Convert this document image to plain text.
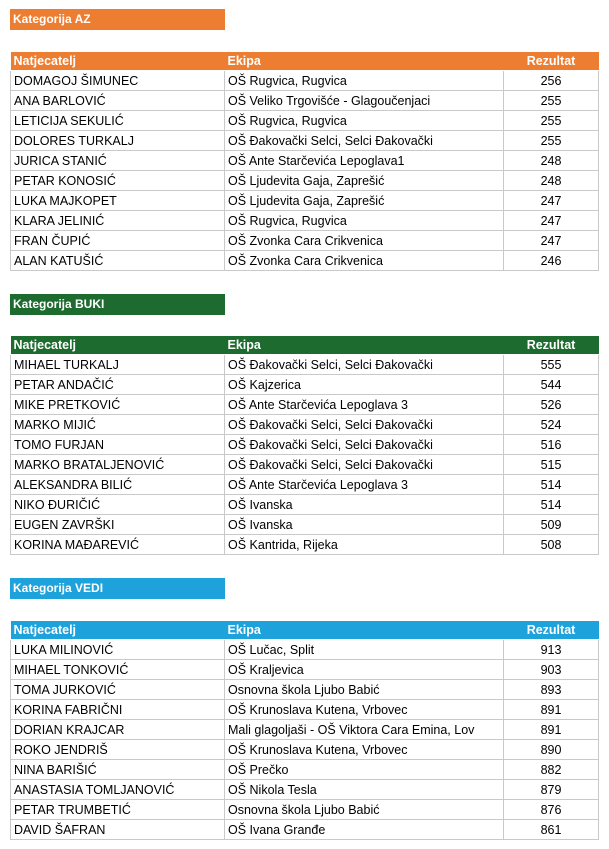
Kategorija AZ
Natjecatelj	Ekipa	Rezultat
DOMAGOJ ŠIMUNEC	OŠ Rugvica, Rugvica	256
ANA BARLOVIĆ	OŠ Veliko Trgovišće - Glagoučenjaci	255
LETICIJA SEKULIĆ	OŠ Rugvica, Rugvica	255
DOLORES TURKALJ	OŠ Đakovački Selci, Selci Đakovački	255
JURICA STANIĆ	OŠ Ante Starčevića Lepoglava1	248
PETAR KONOSIĆ	OŠ Ljudevita Gaja, Zaprešić	248
LUKA MAJKOPET	OŠ Ljudevita Gaja, Zaprešić	247
KLARA JELINIĆ	OŠ Rugvica, Rugvica	247
FRAN ČUPIĆ	OŠ Zvonka Cara Crikvenica	247
ALAN KATUŠIĆ	OŠ Zvonka Cara Crikvenica	246
Kategorija BUKI
Natjecatelj	Ekipa	Rezultat
MIHAEL TURKALJ	OŠ Đakovački Selci, Selci Đakovački	555
PETAR ANDAČIĆ	OŠ Kajzerica	544
MIKE PRETKOVIĆ	OŠ Ante Starčevića Lepoglava 3	526
MARKO MIJIĆ	OŠ Đakovački Selci, Selci Đakovački	524
TOMO FURJAN	OŠ Đakovački Selci, Selci Đakovački	516
MARKO BRATALJENOVIĆ	OŠ Đakovački Selci, Selci Đakovački	515
ALEKSANDRA BILIĆ	OŠ Ante Starčevića Lepoglava 3	514
NIKO ĐURIČIĆ	OŠ Ivanska	514
EUGEN ZAVRŠKI	OŠ Ivanska	509
KORINA MAĐAREVIĆ	OŠ Kantrida, Rijeka	508
Kategorija VEDI
Natjecatelj	Ekipa	Rezultat
LUKA MILINOVIĆ	OŠ Lučac, Split	913
MIHAEL TONKOVIĆ	OŠ Kraljevica	903
TOMA JURKOVIĆ	Osnovna škola Ljubo Babić	893
KORINA FABRIČNI	OŠ Krunoslava Kutena, Vrbovec	891
DORIAN KRAJCAR	Mali glagoljaši - OŠ Viktora Cara Emina, Lov	891
ROKO JENDRIŠ	OŠ Krunoslava Kutena, Vrbovec	890
NINA BARIŠIĆ	OŠ Prečko	882
ANASTASIA TOMLJANOVIĆ	OŠ Nikola Tesla	879
PETAR TRUMBETIĆ	Osnovna škola Ljubo Babić	876
DAVID ŠAFRAN	OŠ Ivana Granđe	861
